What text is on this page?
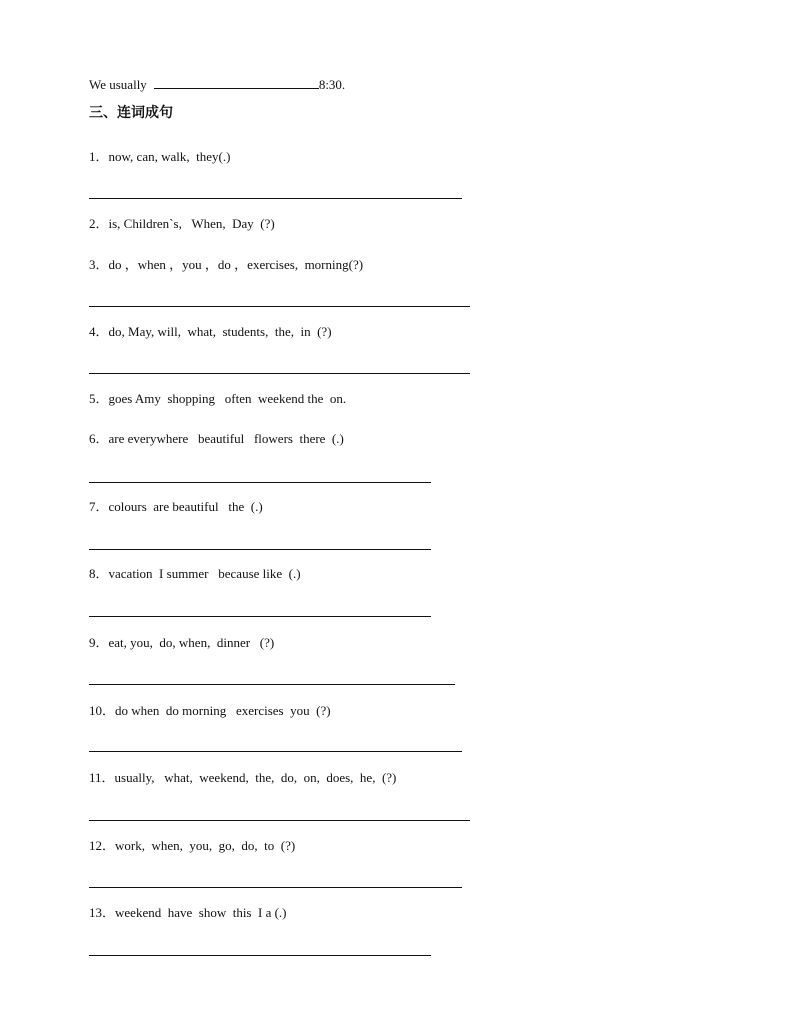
We usually	8:30.
三、连词成句
1．now, can, walk,  they(.)
2．is, Children`s,   When,  Day  (?)
3．do ，when ，you ，do ，exercises,  morning(?)
4．do, May, will,  what,  students,  the,  in  (?)
5．goes Amy  shopping   often  weekend the  on.
6．are everywhere   beautiful   flowers  there  (.)
7．colours  are beautiful   the  (.)
8．vacation  I summer   because like  (.)
9．eat, you,  do, when,  dinner   (?)
10．do when  do morning   exercises  you  (?)
11．usually,   what,  weekend,  the,  do,  on,  does,  he,  (?)
12．work,  when,  you,  go,  do,  to  (?)
13．weekend  have  show  this  I a (.)
